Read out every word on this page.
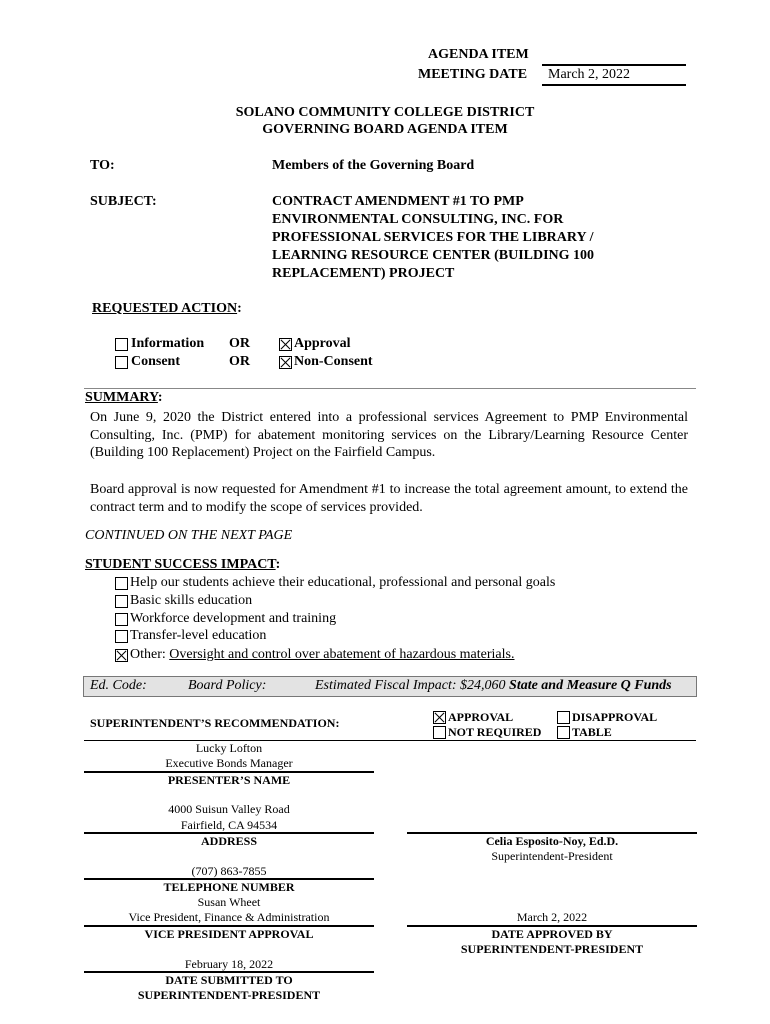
AGENDA ITEM
MEETING DATE March 2, 2022
SOLANO COMMUNITY COLLEGE DISTRICT
GOVERNING BOARD AGENDA ITEM
TO:	Members of the Governing Board
SUBJECT:	CONTRACT AMENDMENT #1 TO PMP
ENVIRONMENTAL CONSULTING, INC. FOR
PROFESSIONAL SERVICES FOR THE LIBRARY /
LEARNING RESOURCE CENTER (BUILDING 100
REPLACEMENT) PROJECT
REQUESTED ACTION:
Information OR	Approval
Consent	OR	Non-Consent
SUMMARY:
On June 9, 2020 the District entered into a professional services Agreement to PMP Environmental Consulting, Inc. (PMP) for abatement monitoring services on the Library/Learning Resource Center (Building 100 Replacement) Project on the Fairfield Campus.
Board approval is now requested for Amendment #1 to increase the total agreement amount, to extend the contract term and to modify the scope of services provided.
CONTINUED ON THE NEXT PAGE
STUDENT SUCCESS IMPACT:
Help our students achieve their educational, professional and personal goals
Basic skills education
Workforce development and training
Transfer-level education
Other: Oversight and control over abatement of hazardous materials.
Ed. Code:	Board Policy:	Estimated Fiscal Impact: $24,060 State and Measure Q Funds
SUPERINTENDENT’S RECOMMENDATION:	APPROVAL	DISAPPROVAL
NOT REQUIRED	TABLE
Lucky Lofton
Executive Bonds Manager
PRESENTER’S NAME
4000 Suisun Valley Road
Fairfield, CA 94534
ADDRESS
(707) 863-7855
TELEPHONE NUMBER
Susan Wheet
Vice President, Finance & Administration
VICE PRESIDENT APPROVAL
February 18, 2022
DATE SUBMITTED TO
SUPERINTENDENT-PRESIDENT
Celia Esposito-Noy, Ed.D.
Superintendent-President
March 2, 2022
DATE APPROVED BY
SUPERINTENDENT-PRESIDENT
